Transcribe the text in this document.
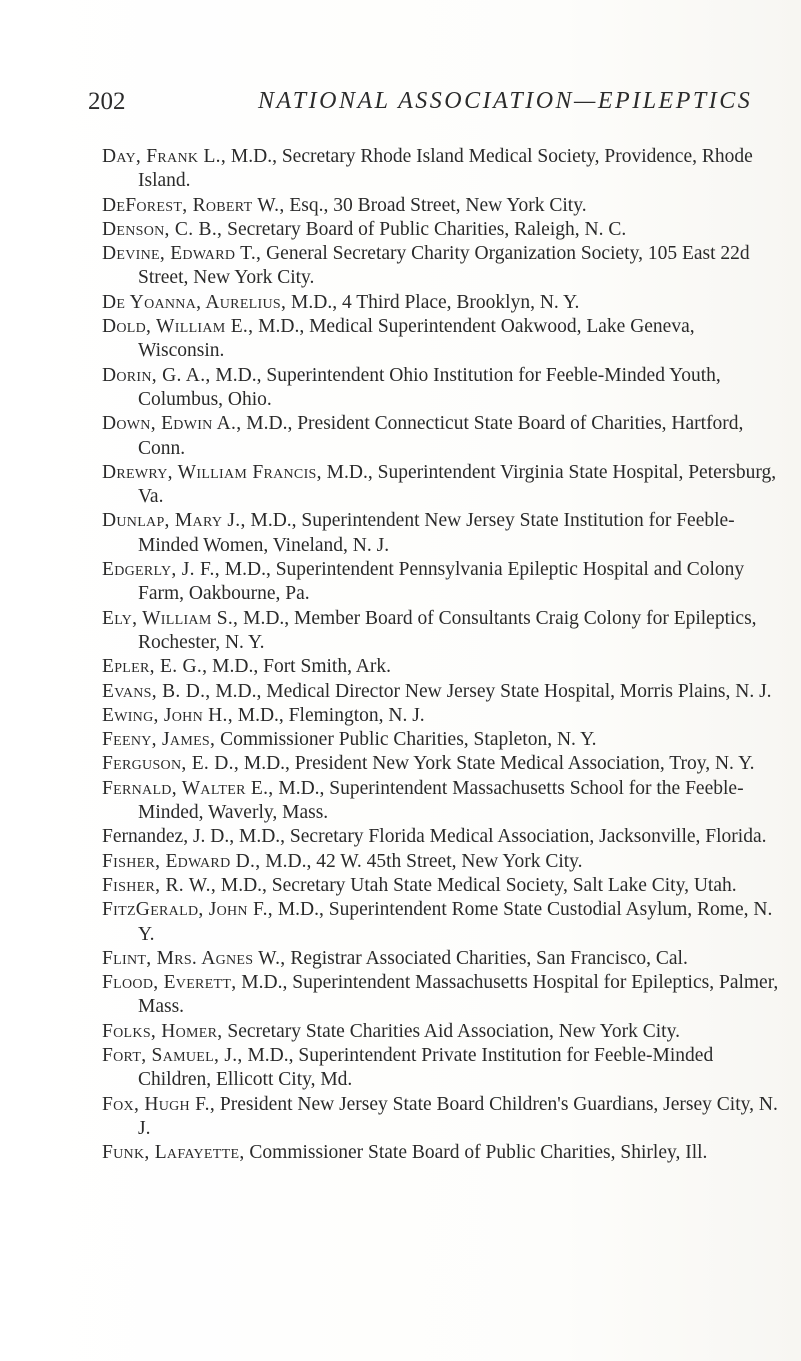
202	NATIONAL ASSOCIATION—EPILEPTICS

Day, Frank L., M.D., Secretary Rhode Island Medical Society, Providence, Rhode Island.

DeForest, Robert W., Esq., 30 Broad Street, New York City.

Denson, C. B., Secretary Board of Public Charities, Raleigh, N. C.

Devine, Edward T., General Secretary Charity Organization Society, 105 East 22d Street, New York City.

De Yoanna, Aurelius, M.D., 4 Third Place, Brooklyn, N. Y.

Dold, William E., M.D., Medical Superintendent Oakwood, Lake Geneva, Wisconsin.

Dorin, G. A., M.D., Superintendent Ohio Institution for Feeble-Minded Youth, Columbus, Ohio.

Down, Edwin A., M.D., President Connecticut State Board of Charities, Hartford, Conn.

Drewry, William Francis, M.D., Superintendent Virginia State Hospital, Petersburg, Va.

Dunlap, Mary J., M.D., Superintendent New Jersey State Institution for Feeble-Minded Women, Vineland, N. J.

Edgerly, J. F., M.D., Superintendent Pennsylvania Epileptic Hospital and Colony Farm, Oakbourne, Pa.

Ely, William S., M.D., Member Board of Consultants Craig Colony for Epileptics, Rochester, N. Y.

Epler, E. G., M.D., Fort Smith, Ark.

Evans, B. D., M.D., Medical Director New Jersey State Hospital, Morris Plains, N. J.

Ewing, John H., M.D., Flemington, N. J.

Feeny, James, Commissioner Public Charities, Stapleton, N. Y.

Ferguson, E. D., M.D., President New York State Medical Association, Troy, N. Y.

Fernald, Walter E., M.D., Superintendent Massachusetts School for the Feeble-Minded, Waverly, Mass.

Fernandez, J. D., M.D., Secretary Florida Medical Association, Jacksonville, Florida.

Fisher, Edward D., M.D., 42 W. 45th Street, New York City.

Fisher, R. W., M.D., Secretary Utah State Medical Society, Salt Lake City, Utah.

FitzGerald, John F., M.D., Superintendent Rome State Custodial Asylum, Rome, N. Y.

Flint, Mrs. Agnes W., Registrar Associated Charities, San Francisco, Cal.

Flood, Everett, M.D., Superintendent Massachusetts Hospital for Epileptics, Palmer, Mass.

Folks, Homer, Secretary State Charities Aid Association, New York City.

Fort, Samuel, J., M.D., Superintendent Private Institution for Feeble-Minded Children, Ellicott City, Md.

Fox, Hugh F., President New Jersey State Board Children's Guardians, Jersey City, N. J.

Funk, Lafayette, Commissioner State Board of Public Charities, Shirley, Ill.
